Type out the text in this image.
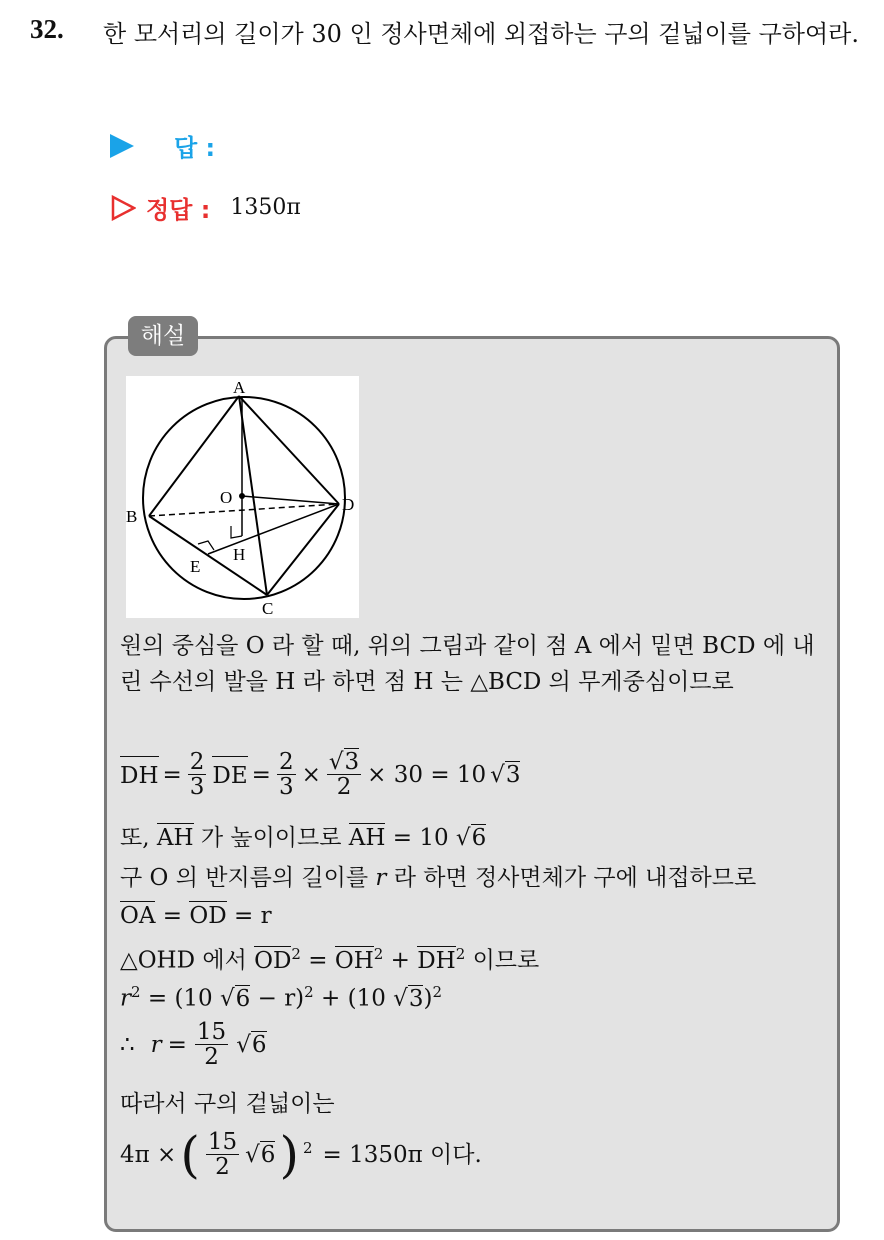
32. 한 모서리의 길이가 30 인 정사면체에 외접하는 구의 겉넓이를 구하여라.
답 :
정답 : 1350π
해설
A
B
C
D
E
H
O
원의 중심을 O 라 할 때, 위의 그림과 같이 점 A 에서 밑면 BCD 에 내린 수선의 발을 H 라 하면 점 H 는 △BCD 의 무게중심이므로
DH = $\frac{2}{3}$ DE = $\frac{2}{3} \times \frac{√3}{2} \times 30 = 10$ √3
또, AH 가 높이이므로 AH = 10 √6
구 O 의 반지름의 길이를 r 라 하면 정사면체가 구에 내접하므로
OA = OD = r
△OHD 에서 $OD^2 = OH^2 + DH^2$ 이므로
$r^2 = (10$ √6 − r)$^2$ + (10 √3)$^2$
∴ $r = \frac{15}{2} √6$
따라서 구의 겉넓이는
4π × ( $\frac{15}{2} √6$ ) $^2$ = 1350π 이다.
